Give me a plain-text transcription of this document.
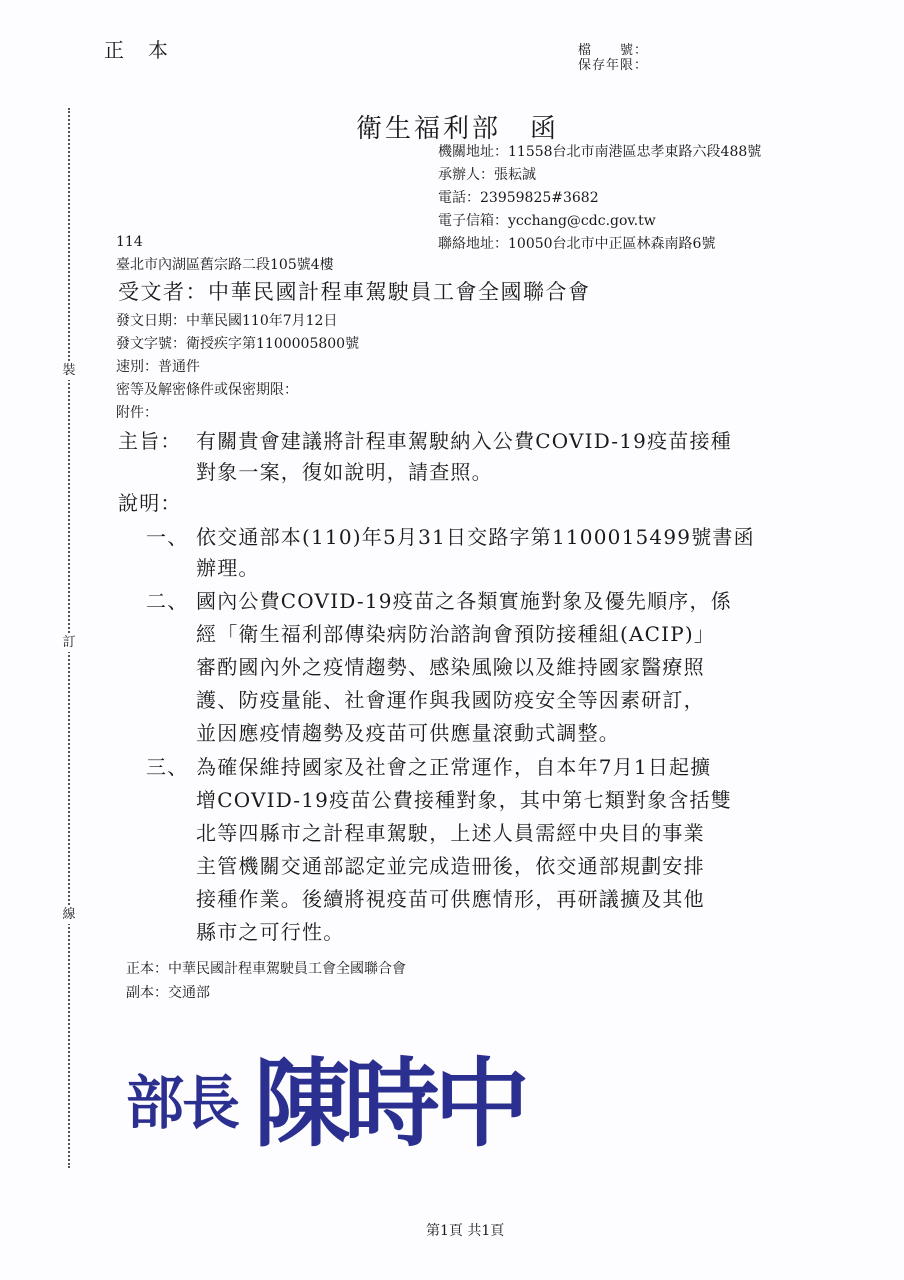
正　本	檔　　號：
保存年限：
裝
訂
線
衛生福利部　函
機關地址：11558台北市南港區忠孝東路六段488號
承辦人：張耘誠
電話：23959825#3682
電子信箱：ycchang@cdc.gov.tw
聯絡地址：10050台北市中正區林森南路6號
114
臺北市內湖區舊宗路二段105號4樓
受文者：中華民國計程車駕駛員工會全國聯合會
發文日期：中華民國110年7月12日
發文字號：衛授疾字第1100005800號
速別：普通件
密等及解密條件或保密期限：
附件：
主旨： 有關貴會建議將計程車駕駛納入公費COVID-19疫苗接種
對象一案，復如說明，請查照。
說明：
一、 依交通部本(110)年5月31日交路字第1100015499號書函
辦理。
二、 國內公費COVID-19疫苗之各類實施對象及優先順序，係
經「衛生福利部傳染病防治諮詢會預防接種組(ACIP)」
審酌國內外之疫情趨勢、感染風險以及維持國家醫療照
護、防疫量能、社會運作與我國防疫安全等因素研訂，
並因應疫情趨勢及疫苗可供應量滾動式調整。
三、 為確保維持國家及社會之正常運作，自本年7月1日起擴
增COVID-19疫苗公費接種對象，其中第七類對象含括雙
北等四縣市之計程車駕駛，上述人員需經中央目的事業
主管機關交通部認定並完成造冊後，依交通部規劃安排
接種作業。後續將視疫苗可供應情形，再研議擴及其他
縣市之可行性。
正本：中華民國計程車駕駛員工會全國聯合會
副本：交通部
部長 陳時中
第1頁 共1頁
